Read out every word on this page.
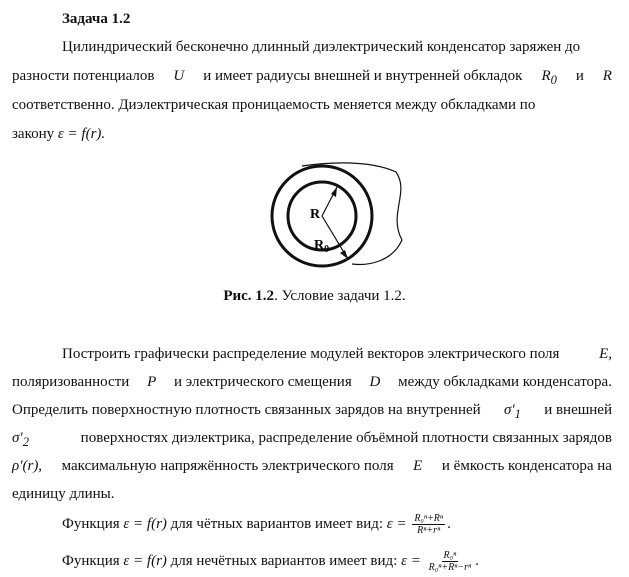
Задача 1.2
Цилиндрический бесконечно длинный диэлектрический конденсатор заряжен до
разности потенциалов U и имеет радиусы внешней и внутренней обкладок $R_0$ и R
соответственно. Диэлектрическая проницаемость меняется между обкладками по
закону ε = f(r).
R
$R_0$
Рис. 1.2. Условие задачи 1.2.
Построить графически распределение модулей векторов электрического поля	E,
поляризованности P и электрического смещения D между обкладками конденсатора.
Определить поверхностную плотность связанных зарядов на внутренней $\sigma'_1$ и внешней
$\sigma'_2$	поверхностях диэлектрика, распределение объёмной плотности связанных зарядов
ρ′(r), максимальную напряжённость электрического поля E и ёмкость конденсатора на
единицу длины.
Функция ε = f(r) для чётных вариантов имеет вид: $\varepsilon = \frac{\text{R₀ⁿ+Rⁿ}}{\text{Rⁿ+rⁿ}}$ .
Функция ε = f(r) для нечётных вариантов имеет вид: $\varepsilon = \frac{\text{R₀ⁿ}}{\text{R₀ⁿ+Rⁿ−rⁿ}}$ .
